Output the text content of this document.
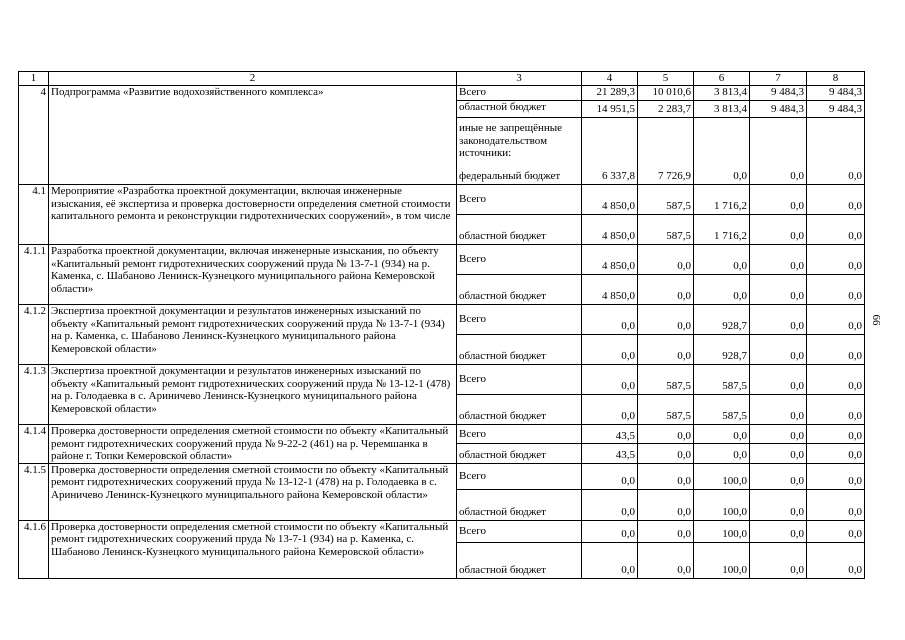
1	2	3	4	5	6	7	8
4	Подпрограмма «Развитие водохозяйственного комплекса»	Всего	21 289,3	10 010,6	3 813,4	9 484,3	9 484,3
		областной бюджет	14 951,5	2 283,7	3 813,4	9 484,3	9 484,3
		иные не запрещённые законодательством источники:					
		федеральный бюджет	6 337,8	7 726,9	0,0	0,0	0,0
4.1	Мероприятие «Разработка проектной документации, включая инженерные изыскания, её экспертиза и проверка достоверности определения сметной стоимости капитального ремонта и реконструкции гидротехнических сооружений», в том числе	Всего	4 850,0	587,5	1 716,2	0,0	0,0
		областной бюджет	4 850,0	587,5	1 716,2	0,0	0,0
4.1.1	Разработка проектной документации, включая инженерные изыскания, по объекту «Капитальный ремонт гидротехнических сооружений пруда № 13-7-1 (934) на р. Каменка, с. Шабаново Ленинск-Кузнецкого муниципального района Кемеровской области»	Всего	4 850,0	0,0	0,0	0,0	0,0
		областной бюджет	4 850,0	0,0	0,0	0,0	0,0
4.1.2	Экспертиза проектной документации и результатов инженерных изысканий по объекту «Капитальный ремонт гидротехнических сооружений пруда № 13-7-1 (934) на р. Каменка, с. Шабаново Ленинск-Кузнецкого муниципального района Кемеровской области»	Всего	0,0	0,0	928,7	0,0	0,0
		областной бюджет	0,0	0,0	928,7	0,0	0,0
4.1.3	Экспертиза проектной документации и результатов инженерных изысканий по объекту «Капитальный ремонт гидротехнических сооружений пруда № 13-12-1 (478) на р. Голодаевка в с. Ариничево Ленинск-Кузнецкого муниципального района Кемеровской области»	Всего	0,0	587,5	587,5	0,0	0,0
		областной бюджет	0,0	587,5	587,5	0,0	0,0
4.1.4	Проверка достоверности определения сметной стоимости по объекту «Капитальный ремонт гидротехнических сооружений пруда № 9-22-2 (461) на р. Черемшанка в районе г. Топки Кемеровской области»	Всего	43,5	0,0	0,0	0,0	0,0
		областной бюджет	43,5	0,0	0,0	0,0	0,0
4.1.5	Проверка достоверности определения сметной стоимости по объекту «Капитальный ремонт гидротехнических сооружений пруда № 13-12-1 (478) на р. Голодаевка в с. Ариничево Ленинск-Кузнецкого муниципального района Кемеровской области»	Всего	0,0	0,0	100,0	0,0	0,0
		областной бюджет	0,0	0,0	100,0	0,0	0,0
4.1.6	Проверка достоверности определения сметной стоимости по объекту «Капитальный ремонт гидротехнических сооружений пруда № 13-7-1 (934) на р. Каменка, с. Шабаново Ленинск-Кузнецкого муниципального района Кемеровской области»	Всего	0,0	0,0	100,0	0,0	0,0
		областной бюджет	0,0	0,0	100,0	0,0	0,0
66
